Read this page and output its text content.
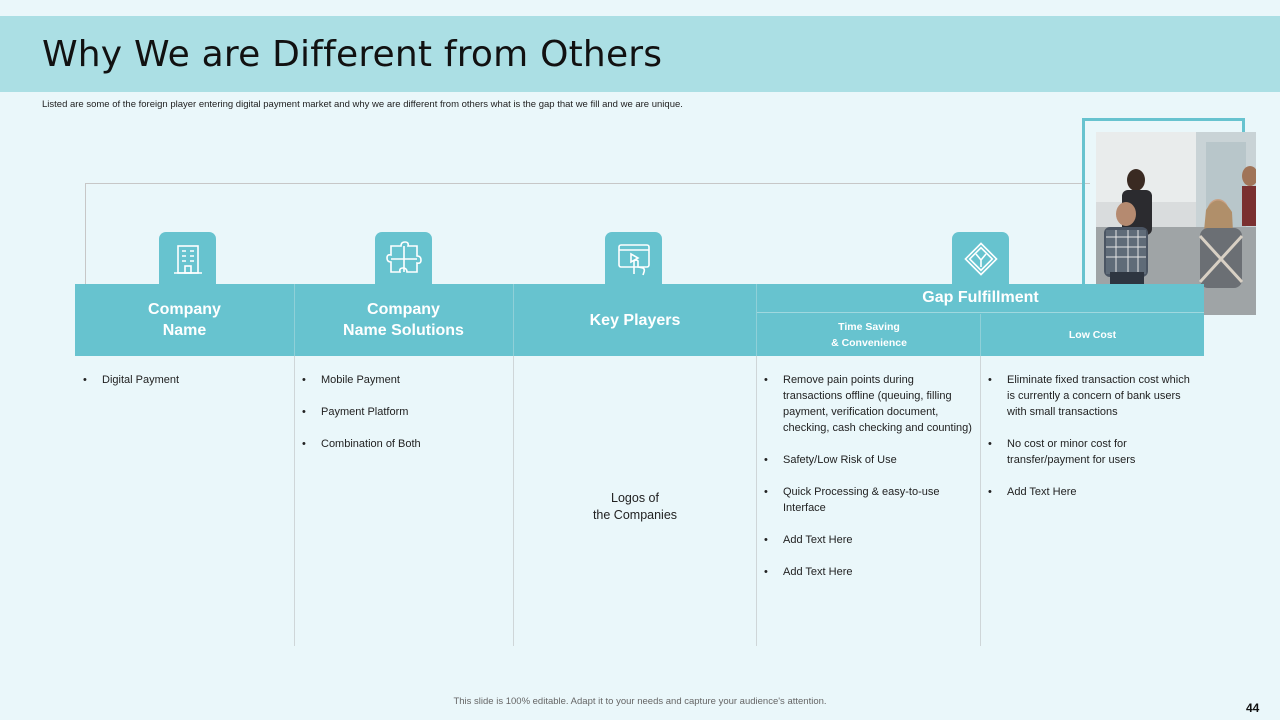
Why We are Different from Others

Listed are some of the foreign player entering digital payment market and why we are different from others what is the gap that we fill and we are unique.

Company
Name
Company
Name Solutions
Key Players
Gap Fulfillment
Time Saving
& Convenience
Low Cost
• Digital Payment
•	Mobile Payment
• Payment Platform
• Combination of Both
Logos of
the Companies
• Remove pain points during transactions offline (queuing, filling payment, verification document, checking, cash checking and counting)
• Safety/Low Risk of Use
• Quick Processing & easy-to-use Interface
• Add Text Here
• Add Text Here
• Eliminate fixed transaction cost which is currently a concern of bank users with small transactions
• No cost or minor cost for transfer/payment for users
• Add Text Here
This slide is 100% editable. Adapt it to your needs and capture your audience's attention.	44
